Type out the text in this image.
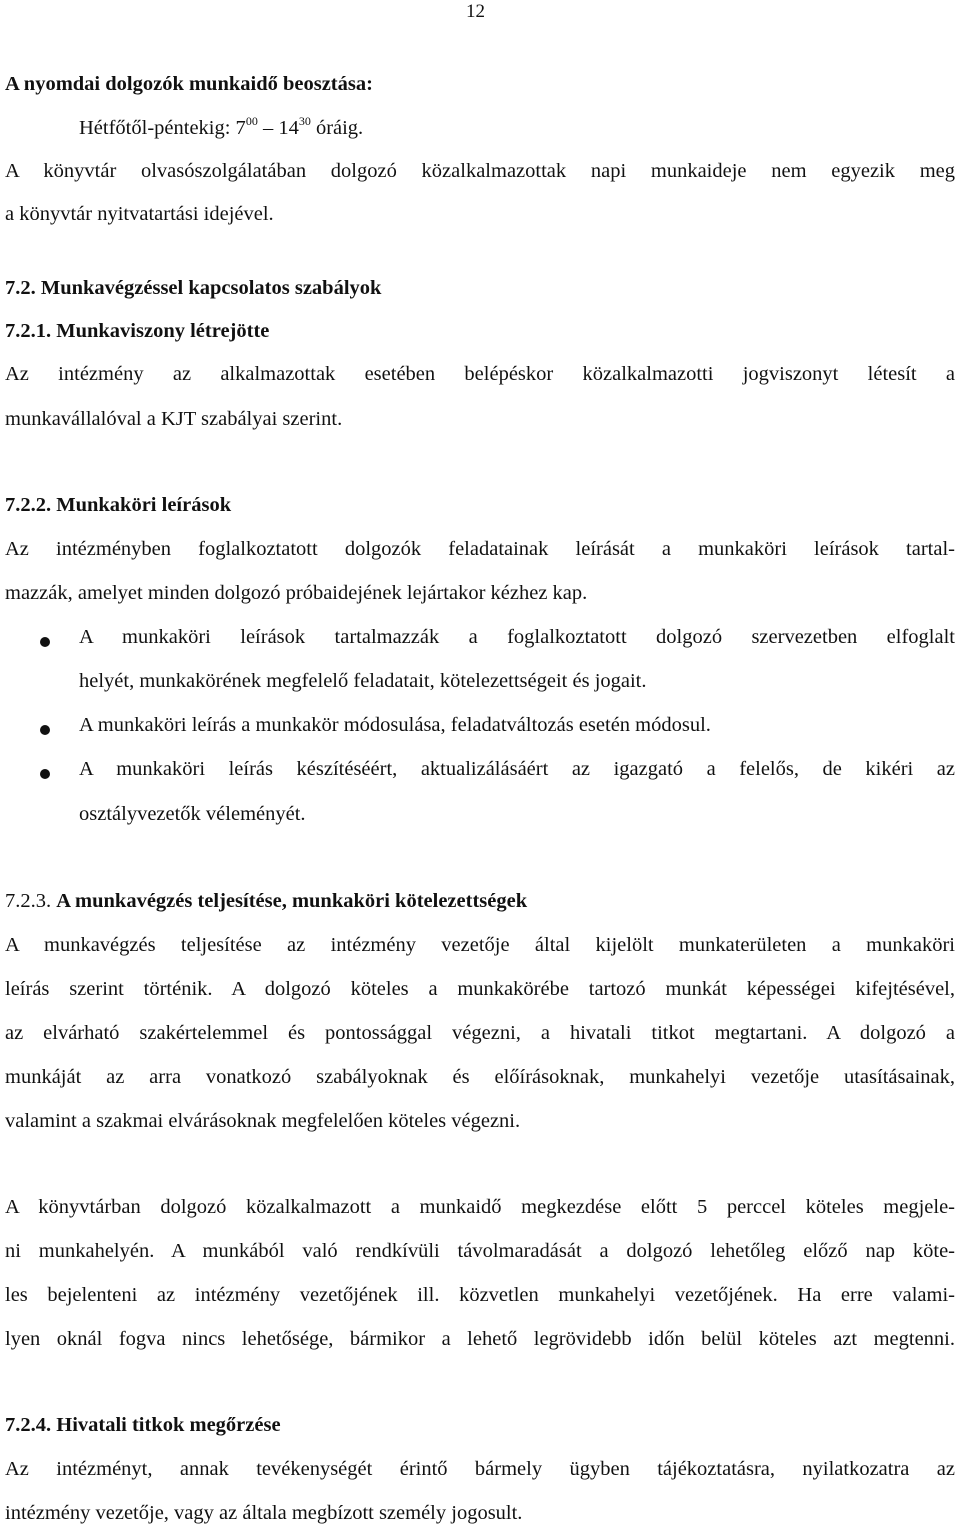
12
A nyomdai dolgozók munkaidő beosztása:
Hétfőtől-péntekig: $7^{00} - 14^{30}$ óráig.
A könyvtár olvasószolgálatában dolgozó közalkalmazottak napi munkaideje nem egyezik meg
a könyvtár nyitvatartási idejével.
7.2. Munkavégzéssel kapcsolatos szabályok
7.2.1. Munkaviszony létrejötte
Az intézmény az alkalmazottak esetében belépéskor közalkalmazotti jogviszonyt létesít a
munkavállalóval a KJT szabályai szerint.
7.2.2. Munkaköri leírások
Az intézményben foglalkoztatott dolgozók feladatainak leírását a munkaköri leírások tartal-
mazzák, amelyet minden dolgozó próbaidejének lejártakor kézhez kap.
A munkaköri leírások tartalmazzák a foglalkoztatott dolgozó szervezetben elfoglalt
helyét, munkakörének megfelelő feladatait, kötelezettségeit és jogait.
A munkaköri leírás a munkakör módosulása, feladatváltozás esetén módosul.
A munkaköri leírás készítéséért, aktualizálásáért az igazgató a felelős, de kikéri az
osztályvezetők véleményét.
7.2.3. A munkavégzés teljesítése, munkaköri kötelezettségek
A munkavégzés teljesítése az intézmény vezetője által kijelölt munkaterületen a munkaköri
leírás szerint történik. A dolgozó köteles a munkakörébe tartozó munkát képességei kifejtésével,
az elvárható szakértelemmel és pontossággal végezni, a hivatali titkot megtartani. A dolgozó a
munkáját az arra vonatkozó szabályoknak és előírásoknak, munkahelyi vezetője utasításainak,
valamint a szakmai elvárásoknak megfelelően köteles végezni.
A könyvtárban dolgozó közalkalmazott a munkaidő megkezdése előtt 5 perccel köteles megjele-
ni munkahelyén. A munkából való rendkívüli távolmaradását a dolgozó lehetőleg előző nap köte-
les bejelenteni az intézmény vezetőjének ill. közvetlen munkahelyi vezetőjének. Ha erre valami-
lyen oknál fogva nincs lehetősége, bármikor a lehető legrövidebb időn belül köteles azt megtenni.
7.2.4. Hivatali titkok megőrzése
Az intézményt, annak tevékenységét érintő bármely ügyben tájékoztatásra, nyilatkozatra az
intézmény vezetője, vagy az általa megbízott személy jogosult.
